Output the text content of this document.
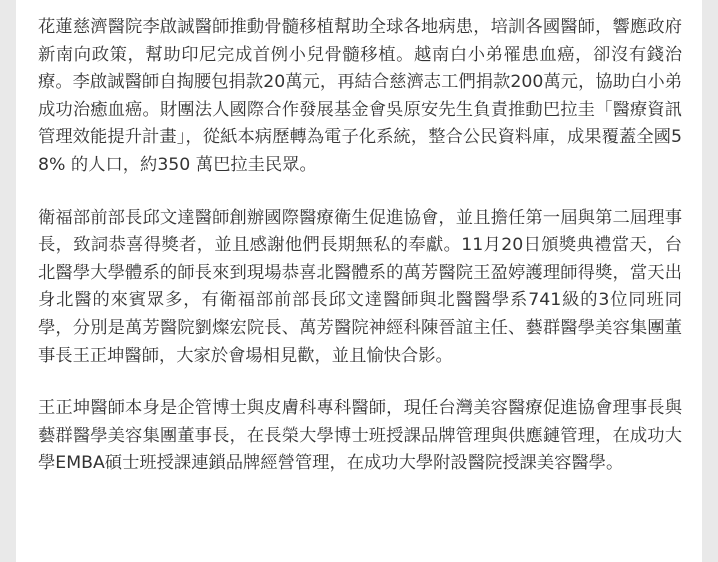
花蓮慈濟醫院李啟誠醫師推動骨髓移植幫助全球各地病患，培訓各國醫師，響應政府新南向政策，幫助印尼完成首例小兒骨髓移植。越南白小弟罹患血癌，卻沒有錢治療。李啟誠醫師自掏腰包捐款20萬元，再結合慈濟志工們捐款200萬元，協助白小弟成功治癒血癌。財團法人國際合作發展基金會吳原安先生負責推動巴拉圭「醫療資訊管理效能提升計畫」，從紙本病歷轉為電子化系統，整合公民資料庫，成果覆蓋全國58% 的人口，約350 萬巴拉圭民眾。

衛福部前部長邱文達醫師創辦國際醫療衛生促進協會，並且擔任第一屆與第二屆理事長，致詞恭喜得獎者，並且感謝他們長期無私的奉獻。11月20日頒獎典禮當天，台北醫學大學體系的師長來到現場恭喜北醫體系的萬芳醫院王盈婷護理師得獎，當天出身北醫的來賓眾多，有衛福部前部長邱文達醫師與北醫醫學系741級的3位同班同學，分別是萬芳醫院劉燦宏院長、萬芳醫院神經科陳晉誼主任、藝群醫學美容集團董事長王正坤醫師，大家於會場相見歡，並且愉快合影。

王正坤醫師本身是企管博士與皮膚科專科醫師，現任台灣美容醫療促進協會理事長與藝群醫學美容集團董事長，在長榮大學博士班授課品牌管理與供應鏈管理，在成功大學EMBA碩士班授課連鎖品牌經營管理，在成功大學附設醫院授課美容醫學。
